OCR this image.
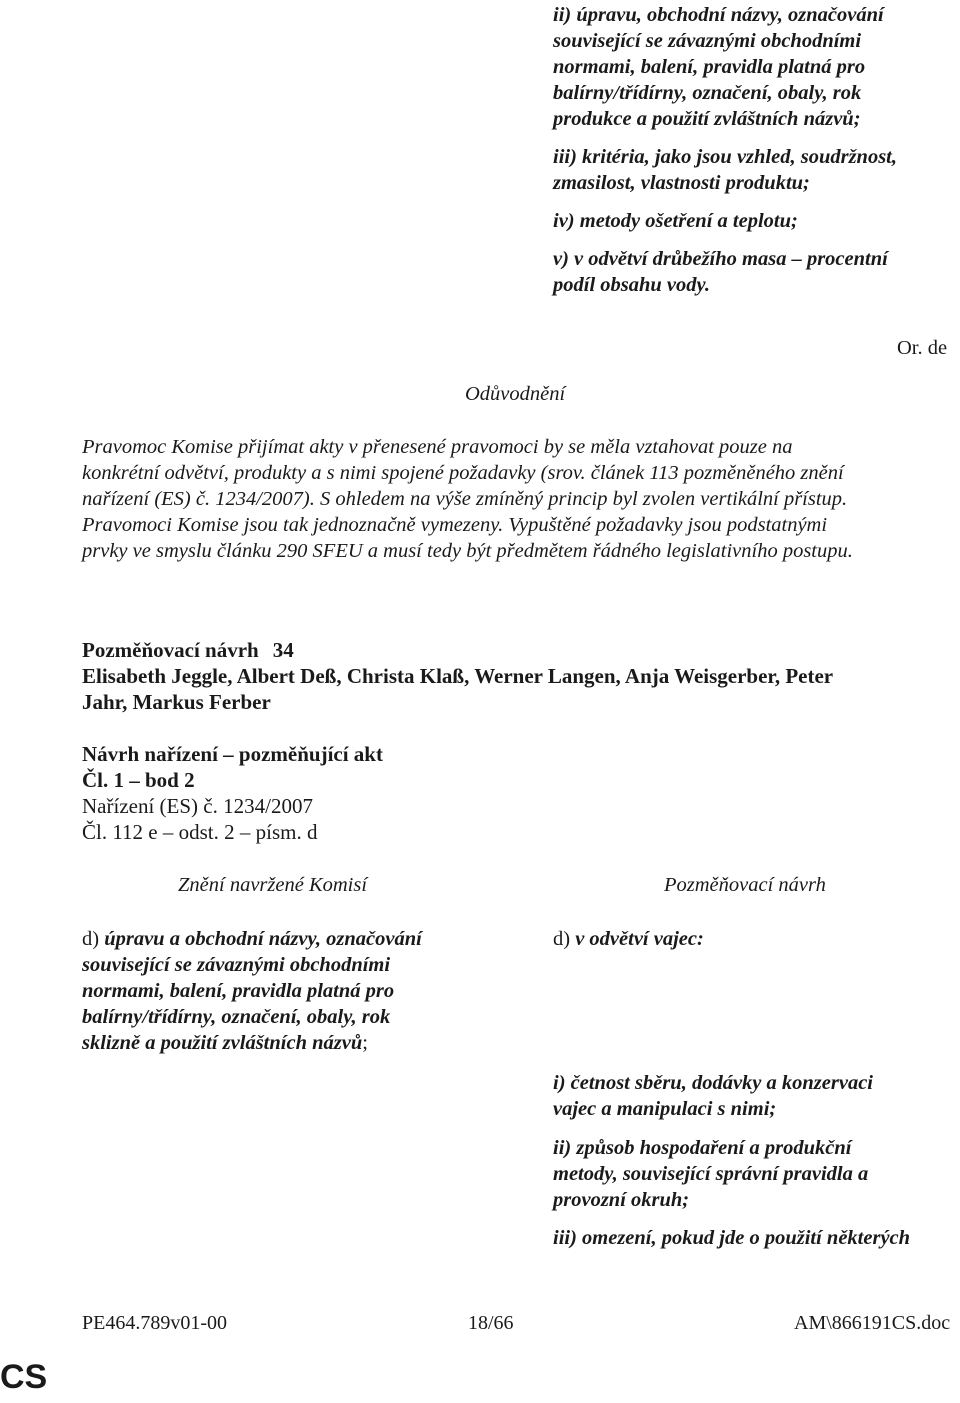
ii) úpravu, obchodní názvy, označování
související se závaznými obchodními
normami, balení, pravidla platná pro
balírny/třídírny, označení, obaly, rok
produkce a použití zvláštních názvů;
iii) kritéria, jako jsou vzhled, soudržnost,
zmasilost, vlastnosti produktu;
iv) metody ošetření a teplotu;
v) v odvětví drůbežího masa – procentní
podíl obsahu vody.
Or. de
Odůvodnění
Pravomoc Komise přijímat akty v přenesené pravomoci by se měla vztahovat pouze na
konkrétní odvětví, produkty a s nimi spojené požadavky (srov. článek 113 pozměněného znění
nařízení (ES) č. 1234/2007). S ohledem na výše zmíněný princip byl zvolen vertikální přístup.
Pravomoci Komise jsou tak jednoznačně vymezeny. Vypuštěné požadavky jsou podstatnými
prvky ve smyslu článku 290 SFEU a musí tedy být předmětem řádného legislativního postupu.
Pozměňovací návrh 34
Elisabeth Jeggle, Albert Deß, Christa Klaß, Werner Langen, Anja Weisgerber, Peter
Jahr, Markus Ferber
Návrh nařízení – pozměňující akt
Čl. 1 – bod 2
Nařízení (ES) č. 1234/2007
Čl. 112 e – odst. 2 – písm. d
Znění navržené Komisí	Pozměňovací návrh
d) úpravu a obchodní názvy, označování
související se závaznými obchodními
normami, balení, pravidla platná pro
balírny/třídírny, označení, obaly, rok
sklizně a použití zvláštních názvů;
d) v odvětví vajec:
i) četnost sběru, dodávky a konzervaci
vajec a manipulaci s nimi;
ii) způsob hospodaření a produkční
metody, související správní pravidla a
provozní okruh;
iii) omezení, pokud jde o použití některých
PE464.789v01-00	18/66	AM\866191CS.doc
CS
